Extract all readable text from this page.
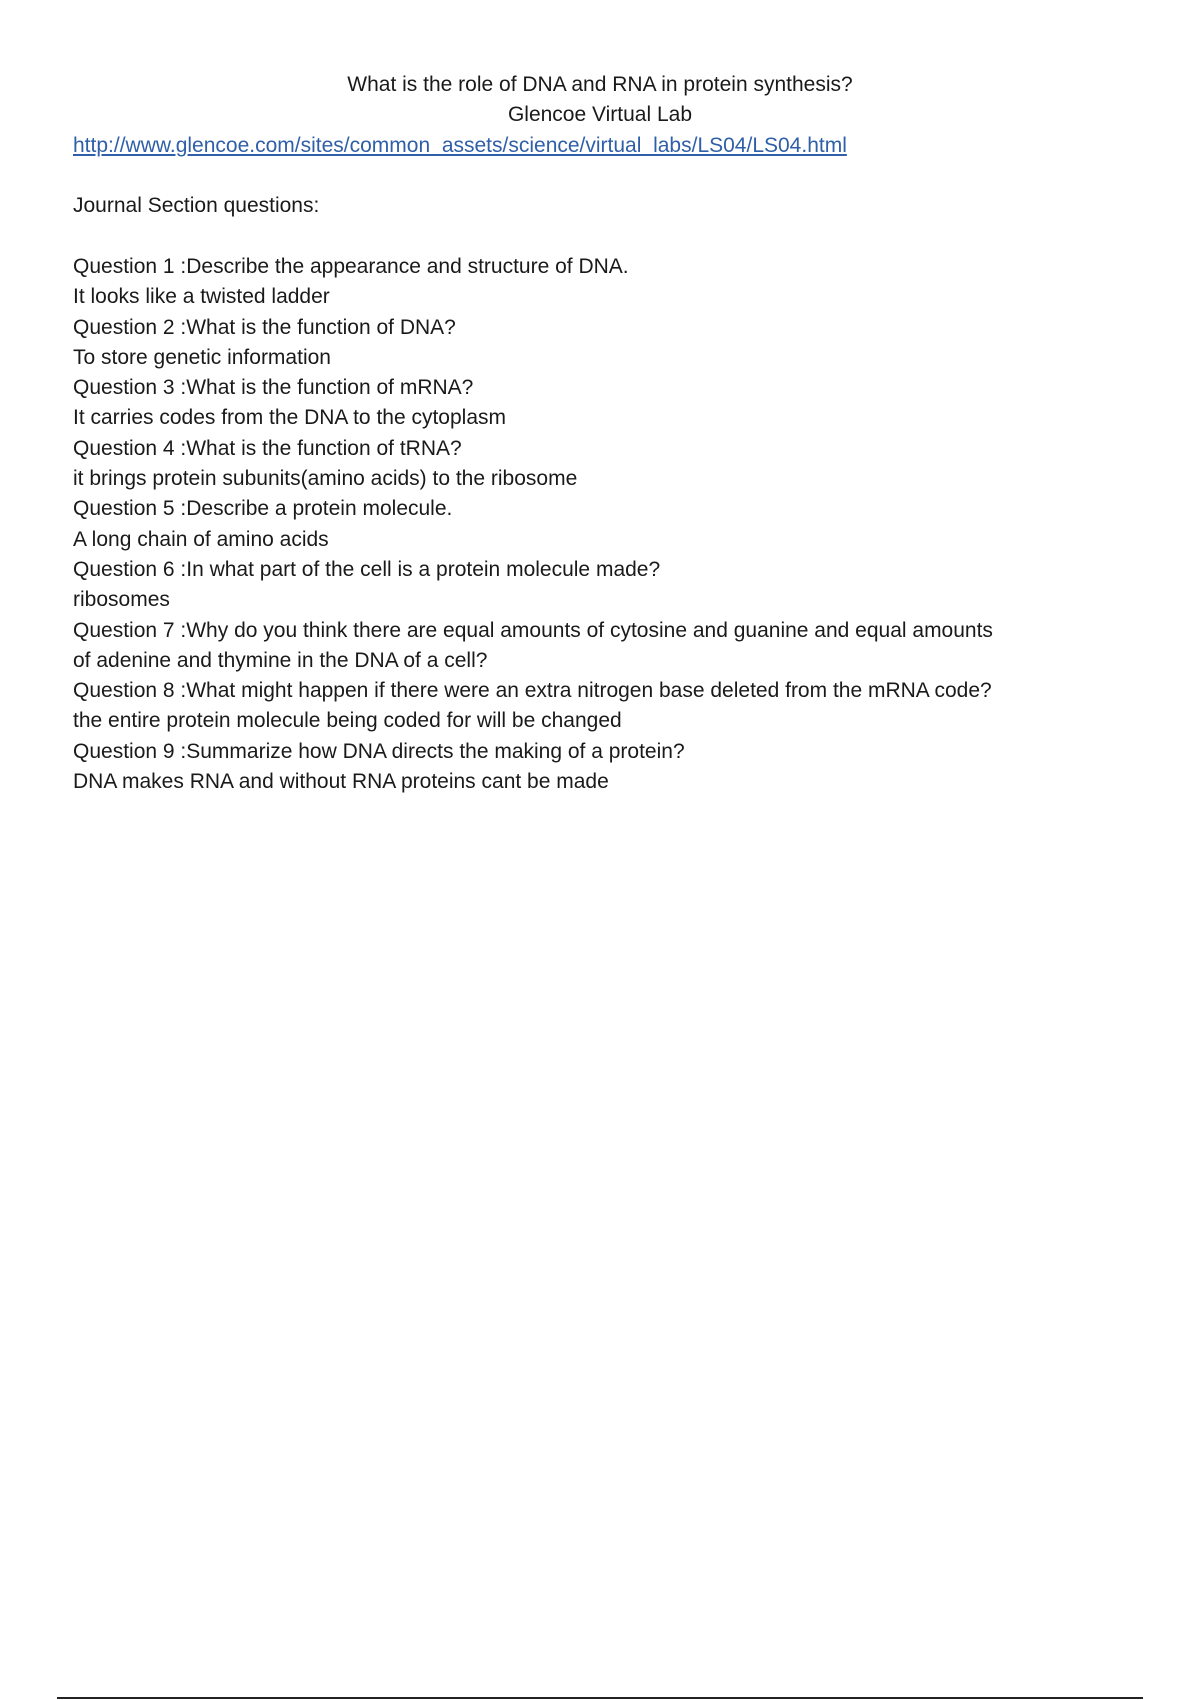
What is the role of DNA and RNA in protein synthesis?
Glencoe Virtual Lab
http://www.glencoe.com/sites/common_assets/science/virtual_labs/LS04/LS04.html
Journal Section questions:
Question 1 :Describe the appearance and structure of DNA.
It looks like a twisted ladder
Question 2 :What is the function of DNA?
To store genetic information
Question 3 :What is the function of mRNA?
It carries codes from the DNA to the cytoplasm
Question 4 :What is the function of tRNA?
it brings protein subunits(amino acids) to the ribosome
Question 5 :Describe a protein molecule.
A long chain of amino acids
Question 6 :In what part of the cell is a protein molecule made?
ribosomes
Question 7 :Why do you think there are equal amounts of cytosine and guanine and equal amounts
of adenine and thymine in the DNA of a cell?
Question 8 :What might happen if there were an extra nitrogen base deleted from the mRNA code?
the entire protein molecule being coded for will be changed
Question 9 :Summarize how DNA directs the making of a protein?
DNA makes RNA and without RNA proteins cant be made
